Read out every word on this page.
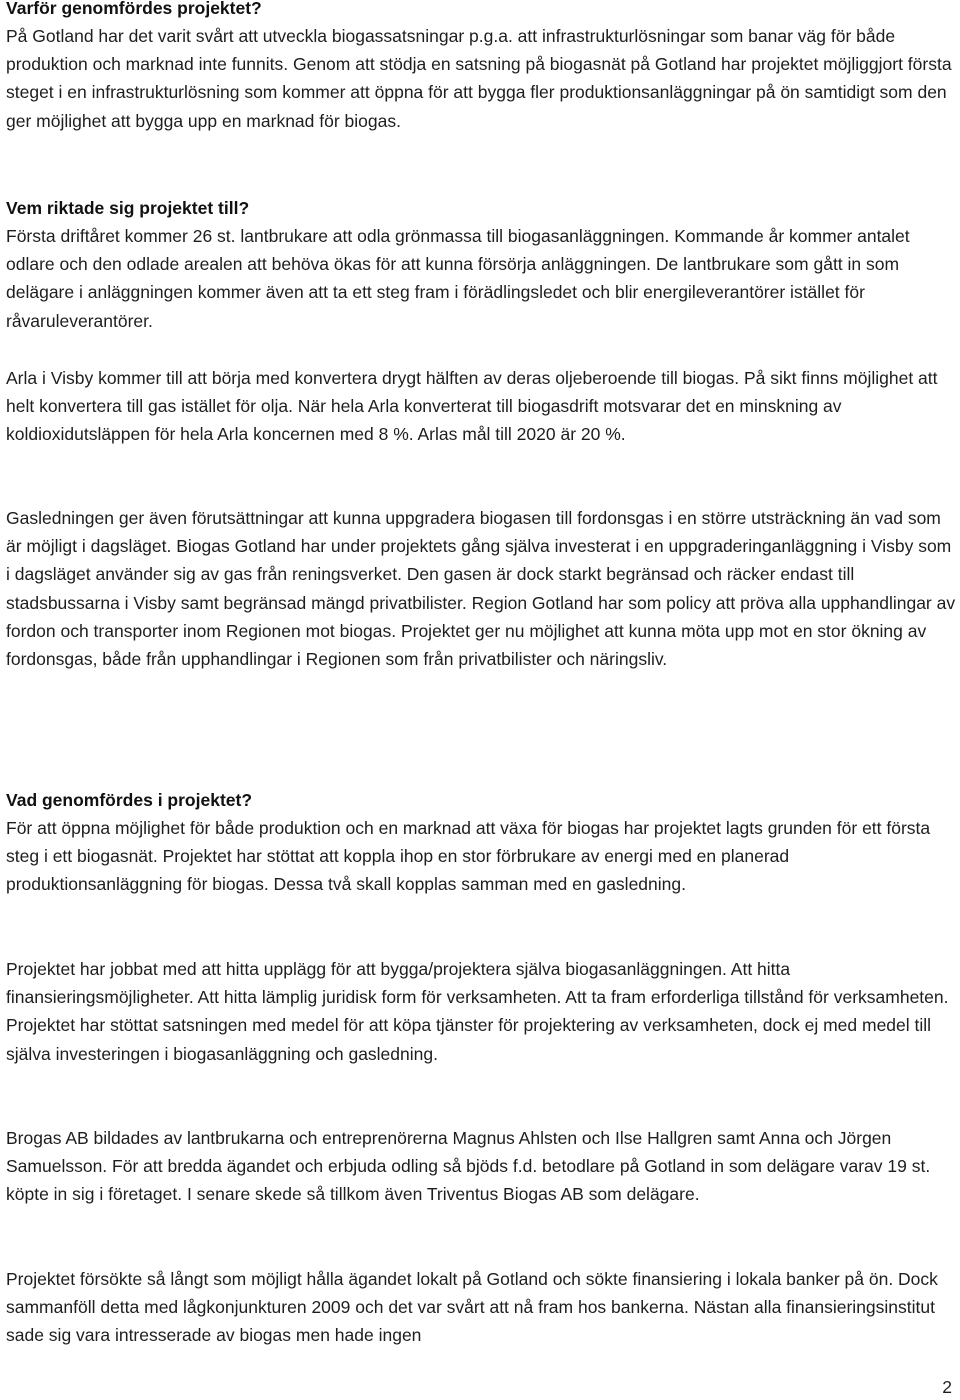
Varför genomfördes projektet?

På Gotland har det varit svårt att utveckla biogassatsningar p.g.a. att infrastrukturlösningar som banar väg för både produktion och marknad inte funnits. Genom att stödja en satsning på biogasnät på Gotland har projektet möjliggjort första steget i en infrastrukturlösning som kommer att öppna för att bygga fler produktionsanläggningar på ön samtidigt som den ger möjlighet att bygga upp en marknad för biogas.

Vem riktade sig projektet till?

Första driftåret kommer 26 st. lantbrukare att odla grönmassa till biogasanläggningen. Kommande år kommer antalet odlare och den odlade arealen att behöva ökas för att kunna försörja anläggningen. De lantbrukare som gått in som delägare i anläggningen kommer även att ta ett steg fram i förädlingsledet och blir energileverantörer istället för råvaruleverantörer.

Arla i Visby kommer till att börja med konvertera drygt hälften av deras oljeberoende till biogas. På sikt finns möjlighet att helt konvertera till gas istället för olja. När hela Arla konverterat till biogasdrift motsvarar det en minskning av koldioxidutsläppen för hela Arla koncernen med 8 %. Arlas mål till 2020 är 20 %.

Gasledningen ger även förutsättningar att kunna uppgradera biogasen till fordonsgas i en större utsträckning än vad som är möjligt i dagsläget. Biogas Gotland har under projektets gång själva investerat i en uppgraderinganläggning i Visby som i dagsläget använder sig av gas från reningsverket. Den gasen är dock starkt begränsad och räcker endast till stadsbussarna i Visby samt begränsad mängd privatbilister. Region Gotland har som policy att pröva alla upphandlingar av fordon och transporter inom Regionen mot biogas. Projektet ger nu möjlighet att kunna möta upp mot en stor ökning av fordonsgas, både från upphandlingar i Regionen som från privatbilister och näringsliv.

Vad genomfördes i projektet?

För att öppna möjlighet för både produktion och en marknad att växa för biogas har projektet lagts grunden för ett första steg i ett biogasnät. Projektet har stöttat att koppla ihop en stor förbrukare av energi med en planerad produktionsanläggning för biogas. Dessa två skall kopplas samman med en gasledning.

Projektet har jobbat med att hitta upplägg för att bygga/projektera själva biogasanläggningen. Att hitta finansieringsmöjligheter. Att hitta lämplig juridisk form för verksamheten. Att ta fram erforderliga tillstånd för verksamheten. Projektet har stöttat satsningen med medel för att köpa tjänster för projektering av verksamheten, dock ej med medel till själva investeringen i biogasanläggning och gasledning.

Brogas AB bildades av lantbrukarna och entreprenörerna Magnus Ahlsten och Ilse Hallgren samt Anna och Jörgen Samuelsson. För att bredda ägandet och erbjuda odling så bjöds f.d. betodlare på Gotland in som delägare varav 19 st. köpte in sig i företaget. I senare skede så tillkom även Triventus Biogas AB som delägare.

Projektet försökte så långt som möjligt hålla ägandet lokalt på Gotland och sökte finansiering i lokala banker på ön. Dock sammanföll detta med lågkonjunkturen 2009 och det var svårt att nå fram hos bankerna. Nästan alla finansieringsinstitut sade sig vara intresserade av biogas men hade ingen

2
